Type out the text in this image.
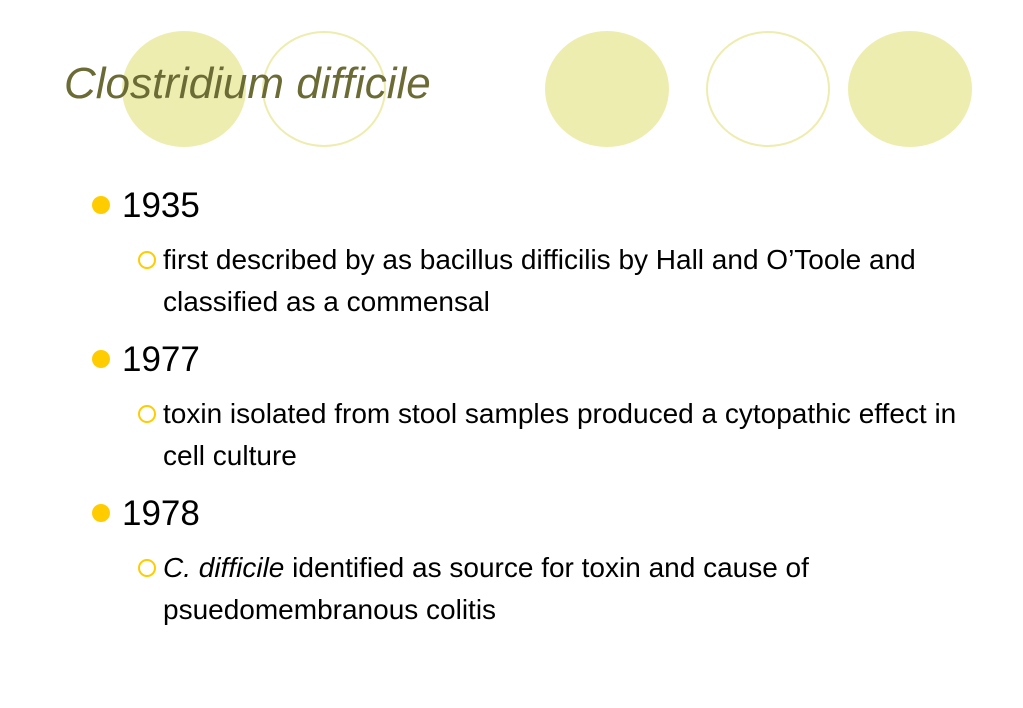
Clostridium difficile
1935
first described by as bacillus difficilis by Hall and O’Toole and classified as a commensal
1977
toxin isolated from stool samples produced a cytopathic effect in cell culture
1978
C. difficile identified as source for toxin and cause of psuedomembranous colitis
